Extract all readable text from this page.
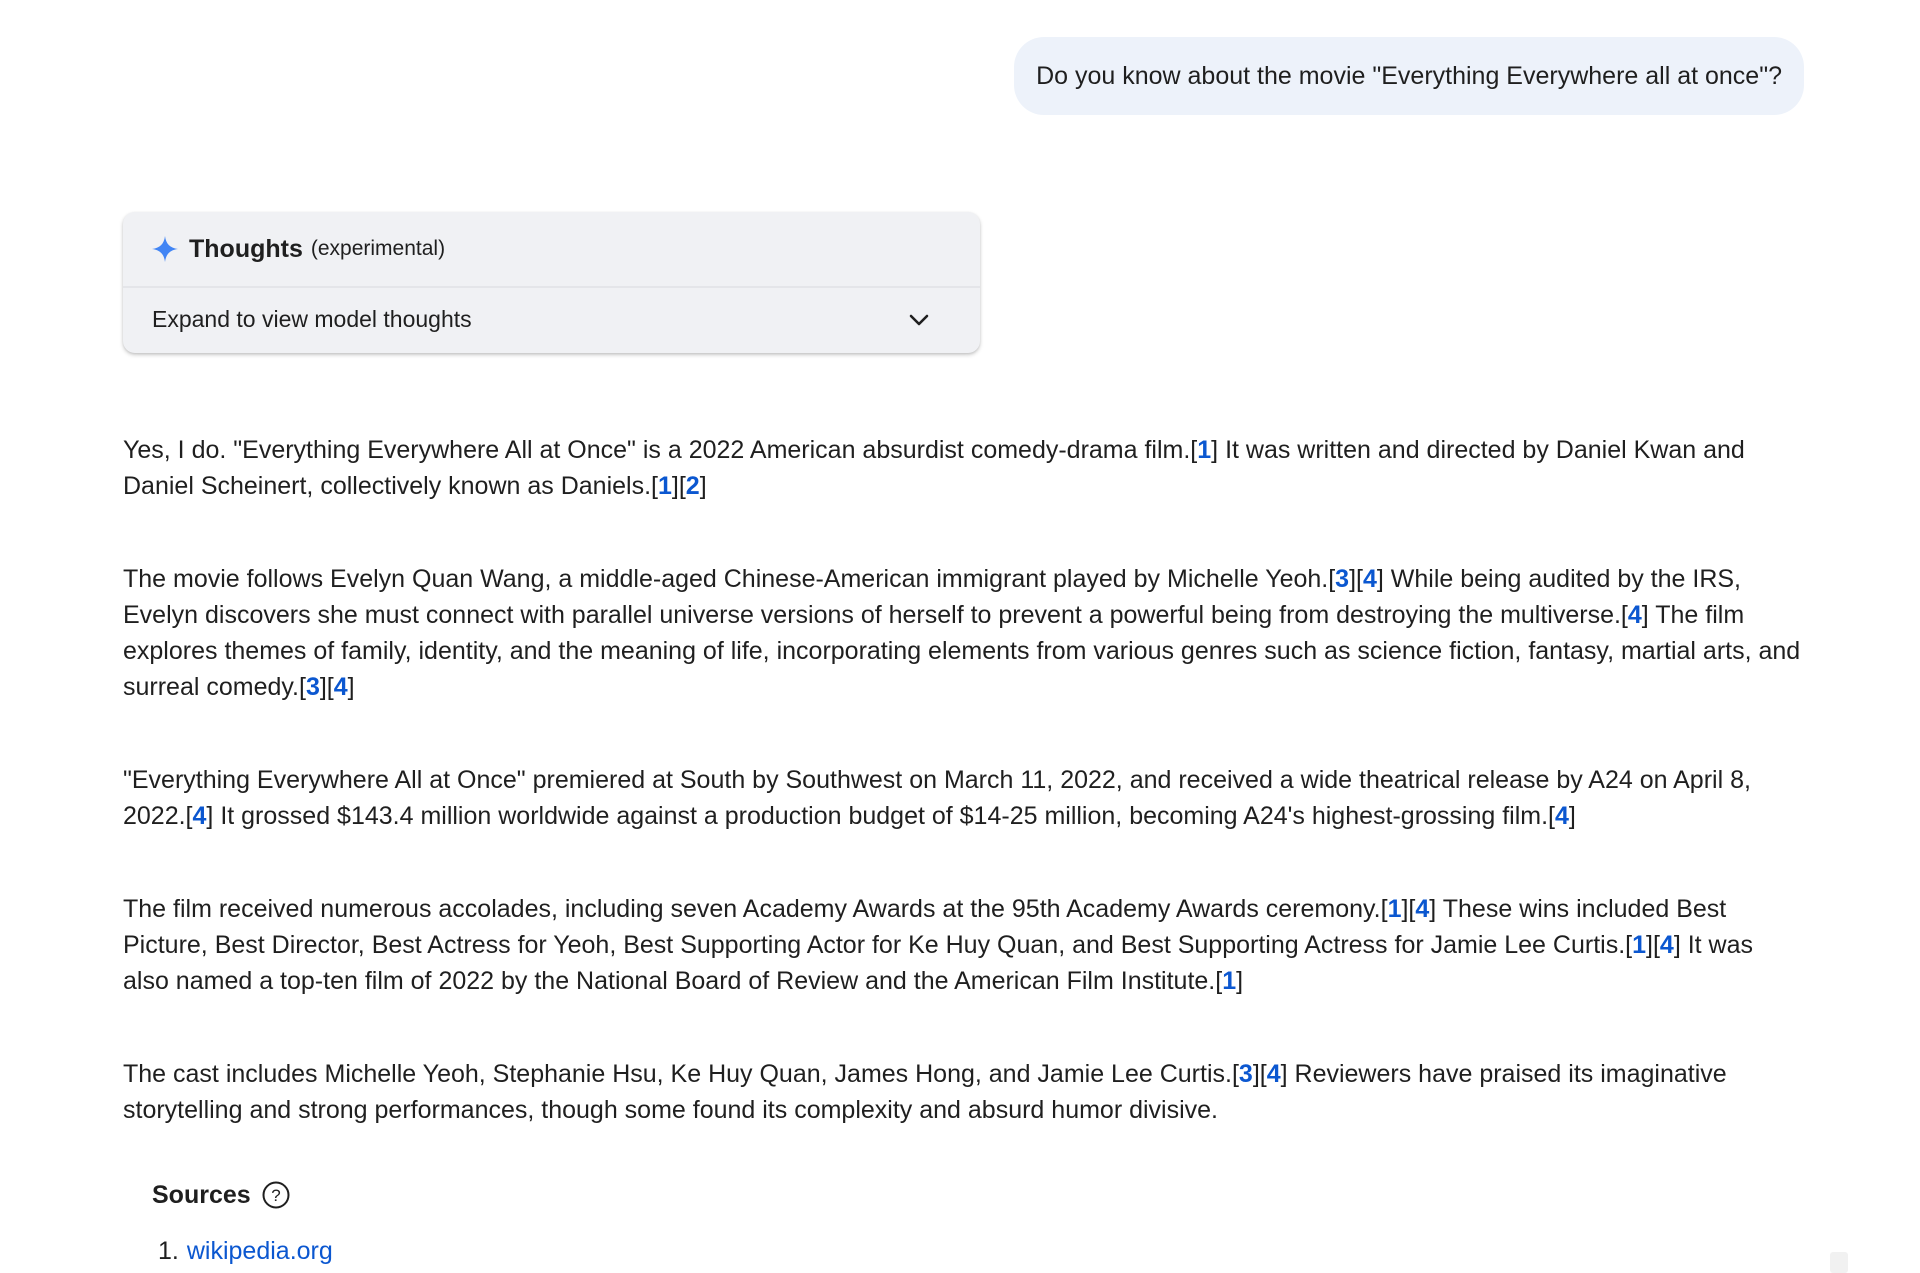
Do you know about the movie "Everything Everywhere all at once"?
Thoughts (experimental)
Expand to view model thoughts

Yes, I do. "Everything Everywhere All at Once" is a 2022 American absurdist comedy-drama film.[1] It was written and directed by Daniel Kwan and Daniel Scheinert, collectively known as Daniels.[1][2]

The movie follows Evelyn Quan Wang, a middle-aged Chinese-American immigrant played by Michelle Yeoh.[3][4] While being audited by the IRS, Evelyn discovers she must connect with parallel universe versions of herself to prevent a powerful being from destroying the multiverse.[4] The film explores themes of family, identity, and the meaning of life, incorporating elements from various genres such as science fiction, fantasy, martial arts, and surreal comedy.[3][4]

"Everything Everywhere All at Once" premiered at South by Southwest on March 11, 2022, and received a wide theatrical release by A24 on April 8, 2022.[4] It grossed $143.4 million worldwide against a production budget of $14-25 million, becoming A24's highest-grossing film.[4]

The film received numerous accolades, including seven Academy Awards at the 95th Academy Awards ceremony.[1][4] These wins included Best Picture, Best Director, Best Actress for Yeoh, Best Supporting Actor for Ke Huy Quan, and Best Supporting Actress for Jamie Lee Curtis.[1][4] It was also named a top-ten film of 2022 by the National Board of Review and the American Film Institute.[1]

The cast includes Michelle Yeoh, Stephanie Hsu, Ke Huy Quan, James Hong, and Jamie Lee Curtis.[3][4] Reviewers have praised its imaginative storytelling and strong performances, though some found its complexity and absurd humor divisive.

Sources ?
1. wikipedia.org
